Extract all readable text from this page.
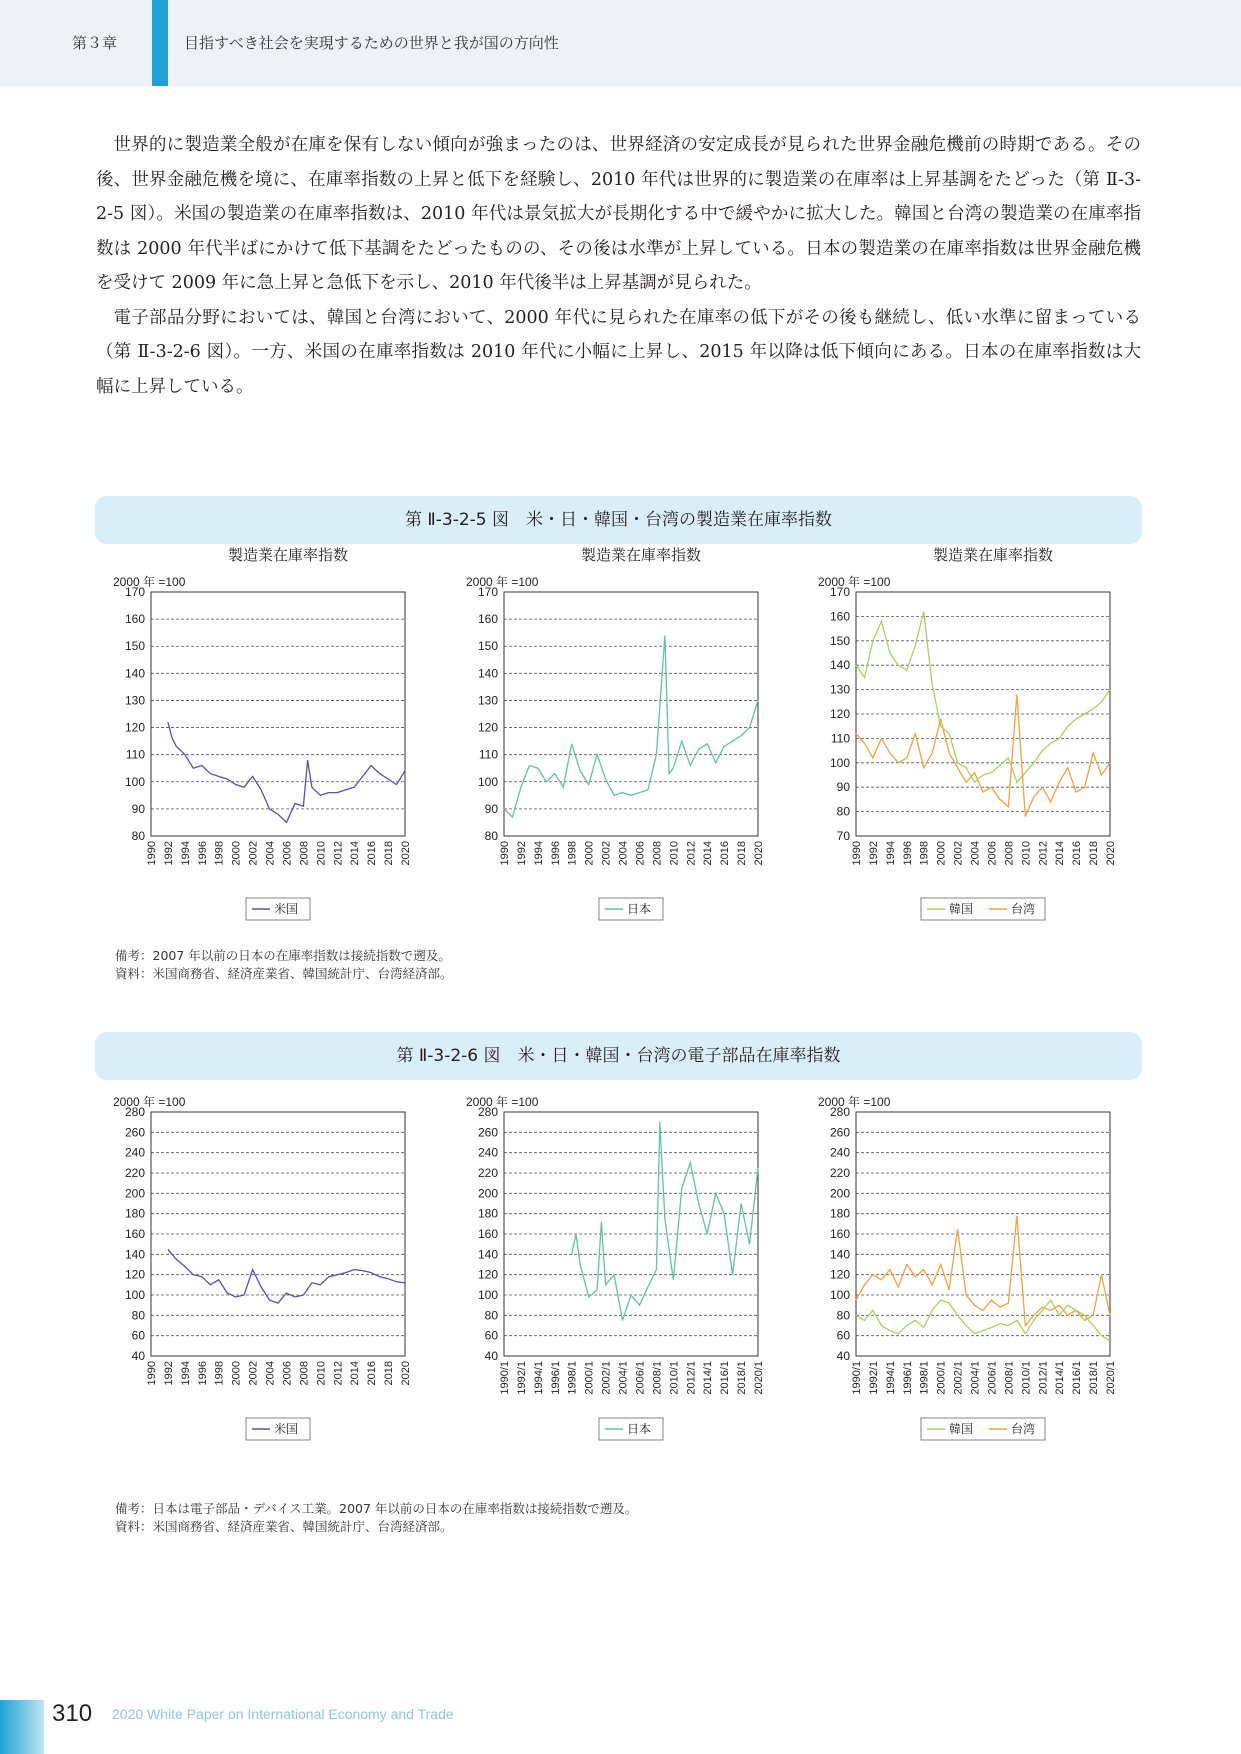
第３章	目指すべき社会を実現するための世界と我が国の方向性

世界的に製造業全般が在庫を保有しない傾向が強まったのは、世界経済の安定成長が見られた世界金融危機前の時期である。その後、世界金融危機を境に、在庫率指数の上昇と低下を経験し、2010 年代は世界的に製造業の在庫率は上昇基調をたどった（第 Ⅱ-3-2-5 図）。米国の製造業の在庫率指数は、2010 年代は景気拡大が長期化する中で緩やかに拡大した。韓国と台湾の製造業の在庫率指数は 2000 年代半ばにかけて低下基調をたどったものの、その後は水準が上昇している。日本の製造業の在庫率指数は世界金融危機を受けて 2009 年に急上昇と急低下を示し、2010 年代後半は上昇基調が見られた。

電子部品分野においては、韓国と台湾において、2000 年代に見られた在庫率の低下がその後も継続し、低い水準に留まっている（第 Ⅱ-3-2-6 図）。一方、米国の在庫率指数は 2010 年代に小幅に上昇し、2015 年以降は低下傾向にある。日本の在庫率指数は大幅に上昇している。

第 Ⅱ-3-2-5 図　米・日・韓国・台湾の製造業在庫率指数
製造業在庫率指数
2000 年 =100
80
90
100
110
120
130
140
150
160
170
1990 1992 1994 1996 1998 2000 2002 2004 2006 2008 2010 2012 2014 2016 2018 2020
米国
製造業在庫率指数
2000 年 =100
80
90
100
110
120
130
140
150
160
170
1990 1992 1994 1996 1998 2000 2002 2004 2006 2008 2010 2012 2014 2016 2018 2020
日本
製造業在庫率指数
2000 年 =100
70
80
90
100
110
120
130
140
150
160
170
1990 1992 1994 1996 1998 2000 2002 2004 2006 2008 2010 2012 2014 2016 2018 2020
韓国	台湾
備考：2007 年以前の日本の在庫率指数は接続指数で遡及。
資料：米国商務省、経済産業省、韓国統計庁、台湾経済部。
第 Ⅱ-3-2-6 図　米・日・韓国・台湾の電子部品在庫率指数
2000 年 =100
40
60
80
100
120
140
160
180
200
220
240
260
280
1990 1992 1994 1996 1998 2000 2002 2004 2006 2008 2010 2012 2014 2016 2018 2020
米国
2000 年 =100
40
60
80
100
120
140
160
180
200
220
240
260
280
1990/1 1992/1 1994/1 1996/1 1998/1 2000/1 2002/1 2004/1 2006/1 2008/1 2010/1 2012/1 2014/1 2016/1 2018/1 2020/1
日本
2000 年 =100
40
60
80
100
120
140
160
180
200
220
240
260
280
1990/1 1992/1 1994/1 1996/1 1998/1 2000/1 2002/1 2004/1 2006/1 2008/1 2010/1 2012/1 2014/1 2016/1 2018/1 2020/1
韓国	台湾
備考：日本は電子部品・デバイス工業。2007 年以前の日本の在庫率指数は接続指数で遡及。
資料：米国商務省、経済産業省、韓国統計庁、台湾経済部。
310 2020 White Paper on International Economy and Trade
